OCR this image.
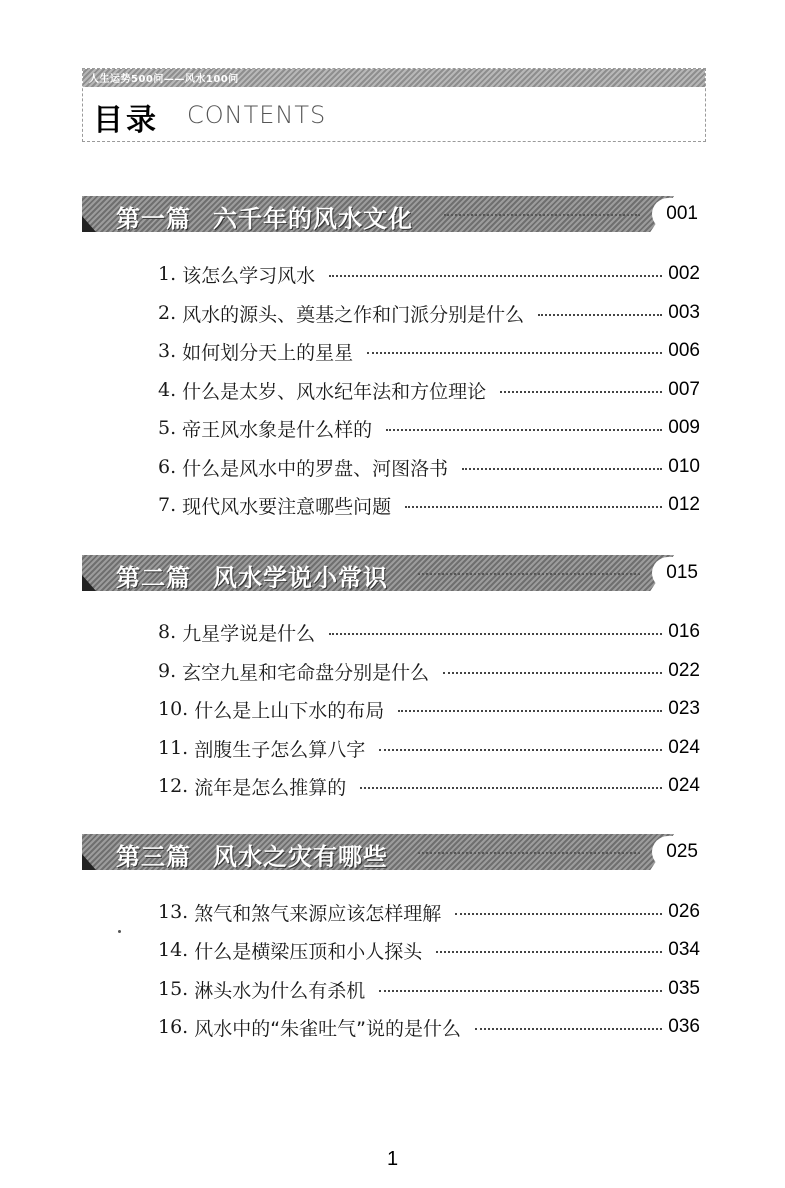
人生运势500问——风水100问
目录 CONTENTS
第一篇 六千年的风水文化	001
1. 该怎么学习风水	002
2. 风水的源头、奠基之作和门派分别是什么	003
3. 如何划分天上的星星	006
4. 什么是太岁、风水纪年法和方位理论	007
5. 帝王风水象是什么样的	009
6. 什么是风水中的罗盘、河图洛书	010
7. 现代风水要注意哪些问题	012
第二篇 风水学说小常识	015
8. 九星学说是什么	016
9. 玄空九星和宅命盘分别是什么	022
10. 什么是上山下水的布局	023
11. 剖腹生子怎么算八字	024
12. 流年是怎么推算的	024
第三篇 风水之灾有哪些	025
13. 煞气和煞气来源应该怎样理解	026
14. 什么是横梁压顶和小人探头	034
15. 淋头水为什么有杀机	035
16. 风水中的“朱雀吐气”说的是什么	036
1
